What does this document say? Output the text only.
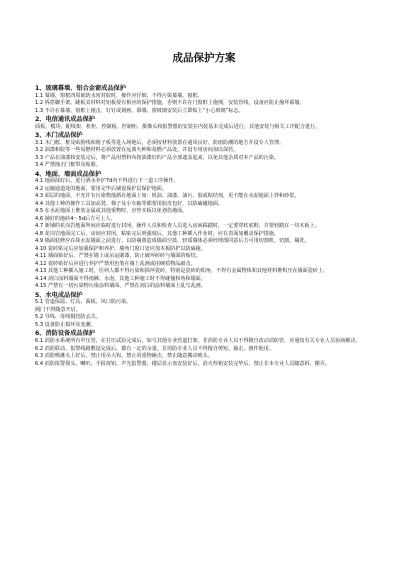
成品保护方案
1、玻璃幕墙、铝合金窗成品保护
1.1 幕墙、窗框四周嵌防水密封胶时，操作应仔细，不得污染幕墙、窗框。
1.2 拆搭脚手架、跳板其材料对铝板要有相应的保护措施，否则不许在门窗框上拖拽，安装管线，设备应防止撞坏幕墙。
1.3 不许在幕墙、窗框上撞击，钉钉或刻画。幕墙、窗玻璃安装后立即贴上“小心玻璃”标志。
2、电信通讯成品保护
面板、模块、配线架、机柜、控制箱、控制柜、摄像头和报警器的安装在内装基本完成后进行，其他安装与相关工序配合进行。
3、木门成品保护
3.1 木门框、框及贴脸线和箱子板等进入场地后，必须按材料放置在通风良好、防雨防潮的地方并设专人管理。
3.2 油漆和胶等一些易燃材料必须放置在远离火种和易燃产品处，并设专用房间加以保管。
3.3 产品在油漆和安装完后，将产品用塑料布按油漆好的产品全部遮盖起来，以免其他杂质对本产品的污染。
3.4 严禁撞击门框带及贴脸。
4、地面、墙面成品保护
4.1 地面抹好后，进行洒水养护7d内不得进行下一道工序操作。
4.2 运输通道处的地面，要用完毕后铺设保护层保护地面。
4.3 面层的地面，不允许有污染物落洒在地面上如：机油、油漆、油污、胶或粘结剂，更不能在水泥地面上拌和砂浆。
4.4 其他工种的操作工具加高凳、梯子及小车轴等都要用胶皮包好，以防磕碰地面。
4.5 在水泥地面上堆放金属或其他重物时，应垫木板以免划伤地面。
4.6 铺好的地砖4～5d后方可上人。
4.7 新铺的花岗岩地面所间应临时进行封闭，操作人员和检查人员进入房间踩踏时，一定要穿软底鞋，并要轻踏在一块木板上。
4.8 花岗岩地面完工后，房间应封闭，粘贴完后到强度后，其他工种插入作业时，应在表面加覆盖保护措施。
4.9 墙面装修应在抹水泥墙面之前进行，以防剔凿造成墙面空鼓，轻质墙体必须经埋部同意后方可用切割机、切割、剔洗。
4.10 瓷砖贴完后应加强保护和养护，墙角门窗口处应加木板防护以防磕撞。
4.11 墙面贴好后，严禁在墙上或吊运刷漆，防止破坏砖砖与墙面的贴结。
4.12 瓷砖贴好后应进行养护严禁用色笔在墙上乱画或用硬质物品敲击。
4.13 其他工种插入施工时，任何人都不得污染和损坏瓷砖，特别是瓷砖的阳角，不得有金属物体和其他材料堆积压在墙面瓷砖上。
4.14 刮白涂料墙面不得雨淋、水泡，其他工种施工时不得碰撞和角和墙面。
4.15 严禁有一切污染物污染涂料墙面，严禁在刮白的涂料墙面上乱写乱画。
5、水电成品保护
5.1 管道保温、灯具、面板、风口防污染。
阀门不得随意开启。
5.2 导线、母线铜管防丢失。
5.3 设备防止损坏及变潮。
6、消防设备成品保护
6.1 消防水系统所有甲压管，在打压试验完成后，如与其他专业管道打架，非消防专业人员不得擅自改动消防管，应通知有关专业人员协商解决。
6.2 消防联动、报警线路敷设完成后，都有一定的余量，非消防专业人员不得擅自剪短、抽走、擅作他用。
6.3 消防喷淋头上好后，禁止用吊大钩、禁止用重物砸击，禁止随意搬动喷头。
6.4 消防报警探头、喇叭、手报按钮、声光报警器、楼层显示盘安装好后，消火栓箱安装完毕后，禁止非本专业人员随意拆、搬弄。
